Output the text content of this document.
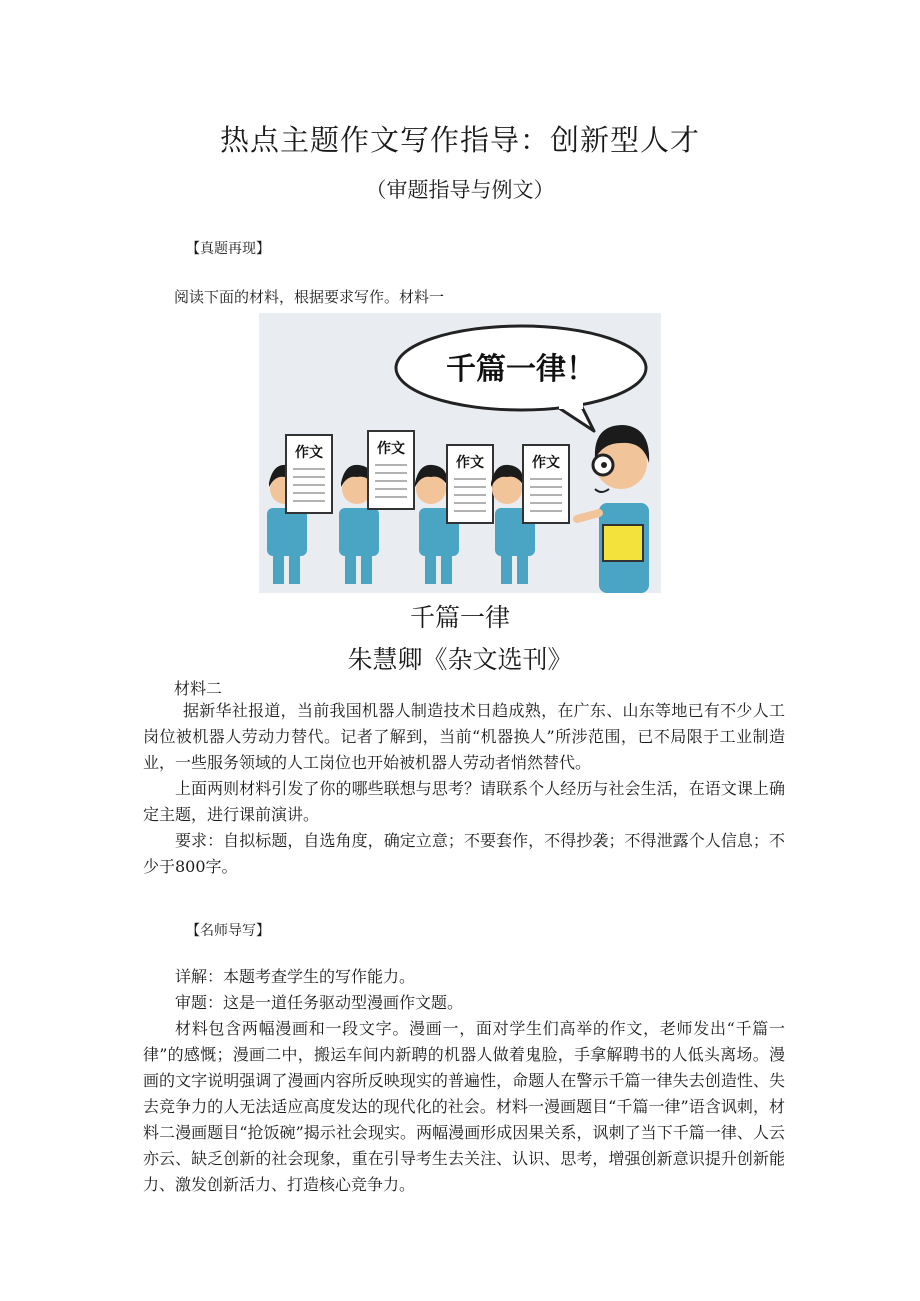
热点主题作文写作指导：创新型人才
（审题指导与例文）
【真题再现】
阅读下面的材料，根据要求写作。材料一
千篇一律！
作文	作文
作文	作文
千篇一律
朱慧卿《杂文选刊》
材料二

据新华社报道，当前我国机器人制造技术日趋成熟，在广东、山东等地已有不少人工岗位被机器人劳动力替代。记者了解到，当前“机器换人”所涉范围，已不局限于工业制造业，一些服务领域的人工岗位也开始被机器人劳动者悄然替代。

上面两则材料引发了你的哪些联想与思考？请联系个人经历与社会生活，在语文课上确定主题，进行课前演讲。

要求：自拟标题，自选角度，确定立意；不要套作，不得抄袭；不得泄露个人信息；不少于800字。

【名师导写】

详解：本题考查学生的写作能力。

审题：这是一道任务驱动型漫画作文题。

材料包含两幅漫画和一段文字。漫画一，面对学生们高举的作文，老师发出“千篇一律”的感慨；漫画二中，搬运车间内新聘的机器人做着鬼脸，手拿解聘书的人低头离场。漫画的文字说明强调了漫画内容所反映现实的普遍性，命题人在警示千篇一律失去创造性、失去竞争力的人无法适应高度发达的现代化的社会。材料一漫画题目“千篇一律”语含讽刺，材料二漫画题目“抢饭碗”揭示社会现实。两幅漫画形成因果关系，讽刺了当下千篇一律、人云亦云、缺乏创新的社会现象，重在引导考生去关注、认识、思考，增强创新意识提升创新能力、激发创新活力、打造核心竞争力。
